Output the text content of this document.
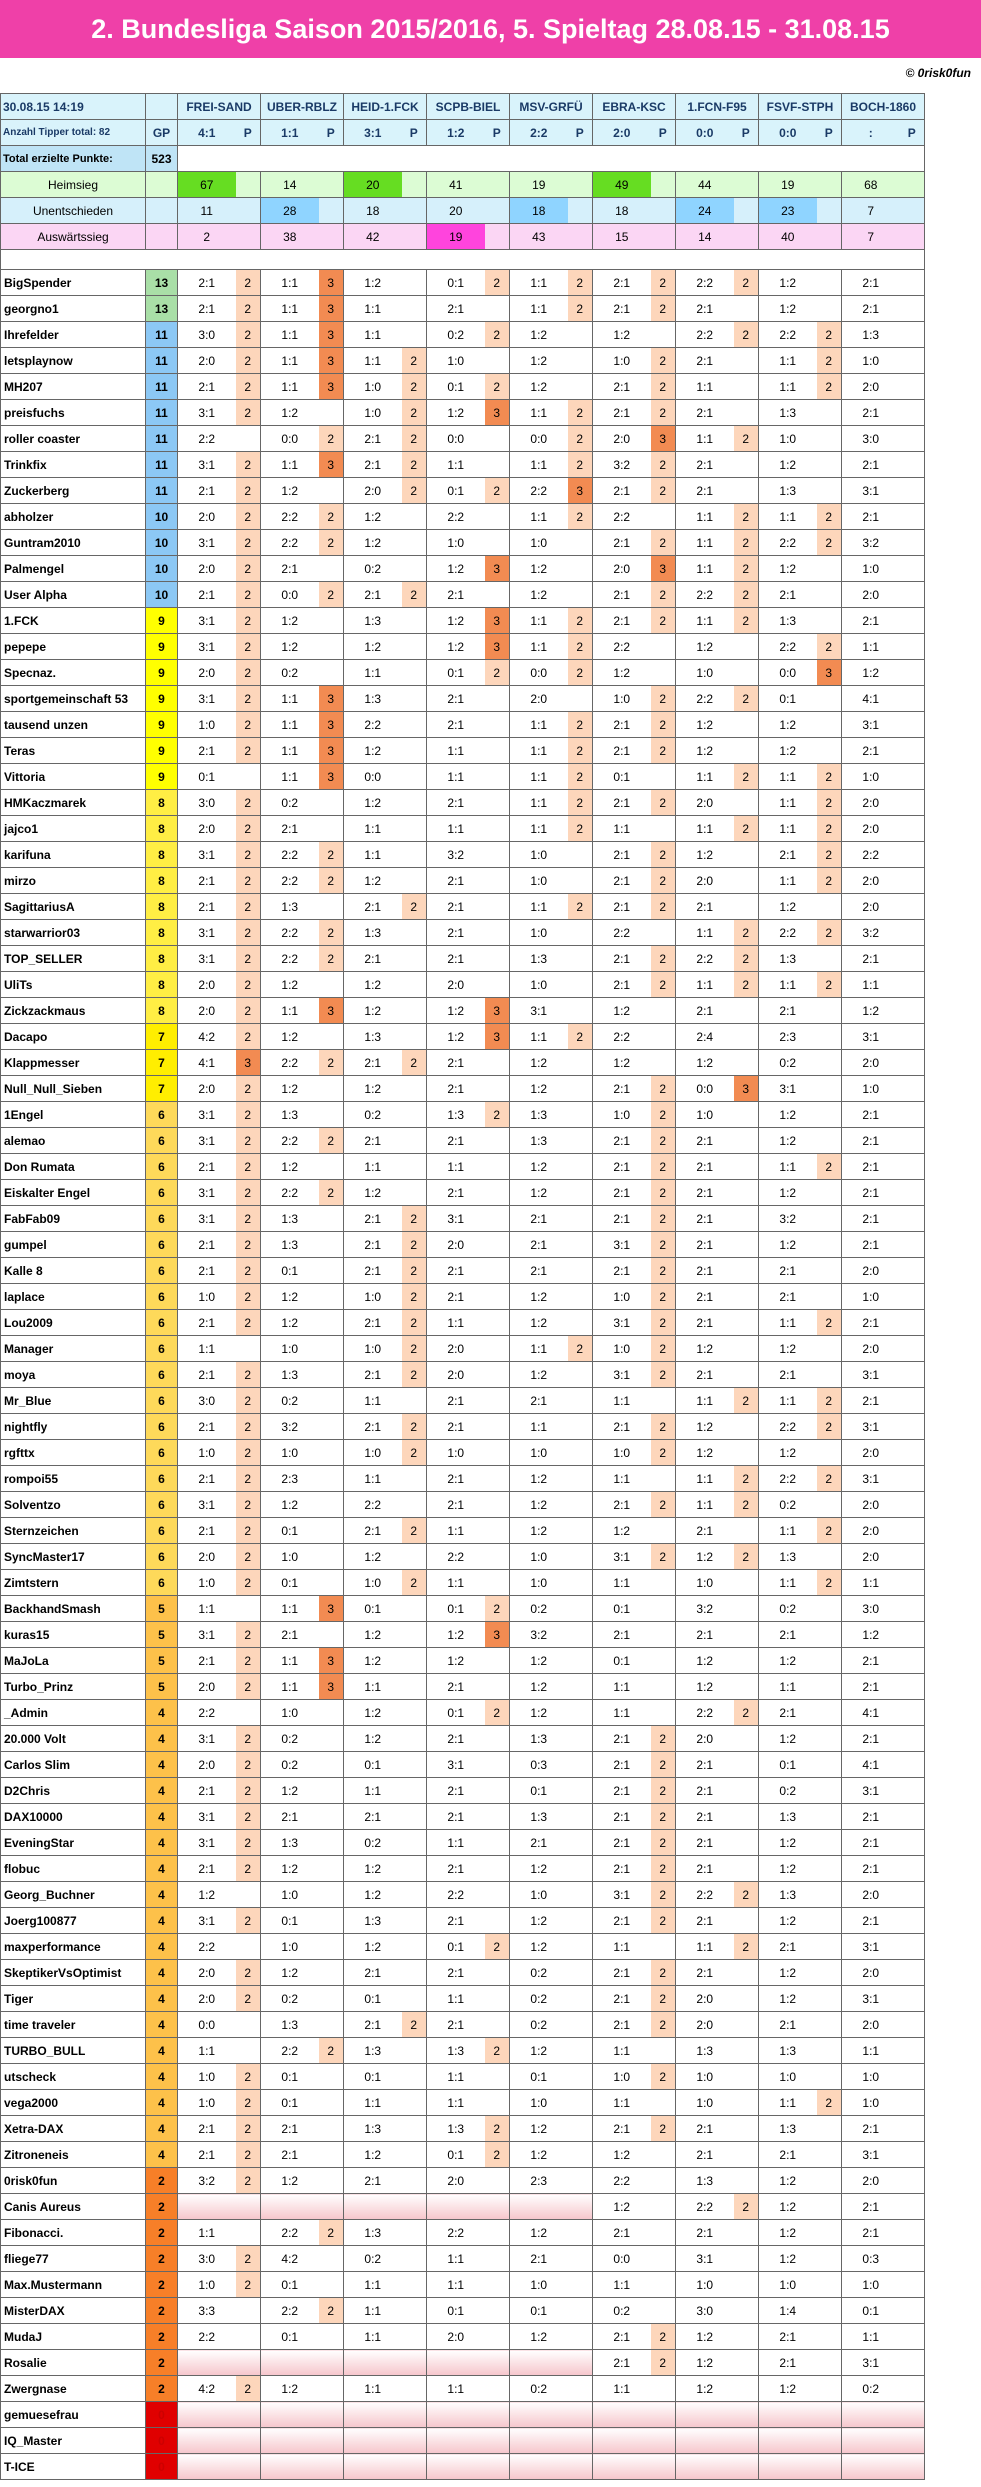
2. Bundesliga Saison 2015/2016, 5. Spieltag 28.08.15 - 31.08.15
© 0risk0fun
30.08.15 14:19		FREI-SAND		UBER-RBLZ		HEID-1.FCK		SCPB-BIEL		MSV-GRFÜ		EBRA-KSC		1.FCN-F95		FSVF-STPH		BOCH-1860	
Anzahl Tipper total: 82	GP	4:1	P	1:1	P	3:1	P	1:2	P	2:2	P	2:0	P	0:0	P	0:0	P	:	P
Total erzielte Punkte:	523																		
Heimsieg		67		14		20		41		19		49		44		19		68	
Unentschieden		11		28		18		20		18		18		24		23		7	
Auswärtssieg		2		38		42		19		43		15		14		40		7	

BigSpender	13	2:1	2	1:1	3	1:2		0:1	2	1:1	2	2:1	2	2:2	2	1:2		2:1	
georgno1	13	2:1	2	1:1	3	1:1		2:1		1:1	2	2:1	2	2:1		1:2		2:1	
Ihrefelder	11	3:0	2	1:1	3	1:1		0:2	2	1:2		1:2		2:2	2	2:2	2	1:3	
letsplaynow	11	2:0	2	1:1	3	1:1	2	1:0		1:2		1:0	2	2:1		1:1	2	1:0	
MH207	11	2:1	2	1:1	3	1:0	2	0:1	2	1:2		2:1	2	1:1		1:1	2	2:0	
preisfuchs	11	3:1	2	1:2		1:0	2	1:2	3	1:1	2	2:1	2	2:1		1:3		2:1	
roller coaster	11	2:2		0:0	2	2:1	2	0:0		0:0	2	2:0	3	1:1	2	1:0		3:0	
Trinkfix	11	3:1	2	1:1	3	2:1	2	1:1		1:1	2	3:2	2	2:1		1:2		2:1	
Zuckerberg	11	2:1	2	1:2		2:0	2	0:1	2	2:2	3	2:1	2	2:1		1:3		3:1	
abholzer	10	2:0	2	2:2	2	1:2		2:2		1:1	2	2:2		1:1	2	1:1	2	2:1	
Guntram2010	10	3:1	2	2:2	2	1:2		1:0		1:0		2:1	2	1:1	2	2:2	2	3:2	
Palmengel	10	2:0	2	2:1		0:2		1:2	3	1:2		2:0	3	1:1	2	1:2		1:0	
User Alpha	10	2:1	2	0:0	2	2:1	2	2:1		1:2		2:1	2	2:2	2	2:1		2:0	
1.FCK	9	3:1	2	1:2		1:3		1:2	3	1:1	2	2:1	2	1:1	2	1:3		2:1	
pepepe	9	3:1	2	1:2		1:2		1:2	3	1:1	2	2:2		1:2		2:2	2	1:1	
Specnaz.	9	2:0	2	0:2		1:1		0:1	2	0:0	2	1:2		1:0		0:0	3	1:2	
sportgemeinschaft 53	9	3:1	2	1:1	3	1:3		2:1		2:0		1:0	2	2:2	2	0:1		4:1	
tausend unzen	9	1:0	2	1:1	3	2:2		2:1		1:1	2	2:1	2	1:2		1:2		3:1	
Teras	9	2:1	2	1:1	3	1:2		1:1		1:1	2	2:1	2	1:2		1:2		2:1	
Vittoria	9	0:1		1:1	3	0:0		1:1		1:1	2	0:1		1:1	2	1:1	2	1:0	
HMKaczmarek	8	3:0	2	0:2		1:2		2:1		1:1	2	2:1	2	2:0		1:1	2	2:0	
jajco1	8	2:0	2	2:1		1:1		1:1		1:1	2	1:1		1:1	2	1:1	2	2:0	
karifuna	8	3:1	2	2:2	2	1:1		3:2		1:0		2:1	2	1:2		2:1	2	2:2	
mirzo	8	2:1	2	2:2	2	1:2		2:1		1:0		2:1	2	2:0		1:1	2	2:0	
SagittariusA	8	2:1	2	1:3		2:1	2	2:1		1:1	2	2:1	2	2:1		1:2		2:0	
starwarrior03	8	3:1	2	2:2	2	1:3		2:1		1:0		2:2		1:1	2	2:2	2	3:2	
TOP_SELLER	8	3:1	2	2:2	2	2:1		2:1		1:3		2:1	2	2:2	2	1:3		2:1	
UliTs	8	2:0	2	1:2		1:2		2:0		1:0		2:1	2	1:1	2	1:1	2	1:1	
Zickzackmaus	8	2:0	2	1:1	3	1:2		1:2	3	3:1		1:2		2:1		2:1		1:2	
Dacapo	7	4:2	2	1:2		1:3		1:2	3	1:1	2	2:2		2:4		2:3		3:1	
Klappmesser	7	4:1	3	2:2	2	2:1	2	2:1		1:2		1:2		1:2		0:2		2:0	
Null_Null_Sieben	7	2:0	2	1:2		1:2		2:1		1:2		2:1	2	0:0	3	3:1		1:0	
1Engel	6	3:1	2	1:3		0:2		1:3	2	1:3		1:0	2	1:0		1:2		2:1	
alemao	6	3:1	2	2:2	2	2:1		2:1		1:3		2:1	2	2:1		1:2		2:1	
Don Rumata	6	2:1	2	1:2		1:1		1:1		1:2		2:1	2	2:1		1:1	2	2:1	
Eiskalter Engel	6	3:1	2	2:2	2	1:2		2:1		1:2		2:1	2	2:1		1:2		2:1	
FabFab09	6	3:1	2	1:3		2:1	2	3:1		2:1		2:1	2	2:1		3:2		2:1	
gumpel	6	2:1	2	1:3		2:1	2	2:0		2:1		3:1	2	2:1		1:2		2:1	
Kalle 8	6	2:1	2	0:1		2:1	2	2:1		2:1		2:1	2	2:1		2:1		2:0	
laplace	6	1:0	2	1:2		1:0	2	2:1		1:2		1:0	2	2:1		2:1		1:0	
Lou2009	6	2:1	2	1:2		2:1	2	1:1		1:2		3:1	2	2:1		1:1	2	2:1	
Manager	6	1:1		1:0		1:0	2	2:0		1:1	2	1:0	2	1:2		1:2		2:0	
moya	6	2:1	2	1:3		2:1	2	2:0		1:2		3:1	2	2:1		2:1		3:1	
Mr_Blue	6	3:0	2	0:2		1:1		2:1		2:1		1:1		1:1	2	1:1	2	2:1	
nightfly	6	2:1	2	3:2		2:1	2	2:1		1:1		2:1	2	1:2		2:2	2	3:1	
rgfttx	6	1:0	2	1:0		1:0	2	1:0		1:0		1:0	2	1:2		1:2		2:0	
rompoi55	6	2:1	2	2:3		1:1		2:1		1:2		1:1		1:1	2	2:2	2	3:1	
Solventzo	6	3:1	2	1:2		2:2		2:1		1:2		2:1	2	1:1	2	0:2		2:0	
Sternzeichen	6	2:1	2	0:1		2:1	2	1:1		1:2		1:2		2:1		1:1	2	2:0	
SyncMaster17	6	2:0	2	1:0		1:2		2:2		1:0		3:1	2	1:2	2	1:3		2:0	
Zimtstern	6	1:0	2	0:1		1:0	2	1:1		1:0		1:1		1:0		1:1	2	1:1	
BackhandSmash	5	1:1		1:1	3	0:1		0:1	2	0:2		0:1		3:2		0:2		3:0	
kuras15	5	3:1	2	2:1		1:2		1:2	3	3:2		2:1		2:1		2:1		1:2	
MaJoLa	5	2:1	2	1:1	3	1:2		1:2		1:2		0:1		1:2		1:2		2:1	
Turbo_Prinz	5	2:0	2	1:1	3	1:1		2:1		1:2		1:1		1:2		1:1		2:1	
_Admin	4	2:2		1:0		1:2		0:1	2	1:2		1:1		2:2	2	2:1		4:1	
20.000 Volt	4	3:1	2	0:2		1:2		2:1		1:3		2:1	2	2:0		1:2		2:1	
Carlos Slim	4	2:0	2	0:2		0:1		3:1		0:3		2:1	2	2:1		0:1		4:1	
D2Chris	4	2:1	2	1:2		1:1		2:1		0:1		2:1	2	2:1		0:2		3:1	
DAX10000	4	3:1	2	2:1		2:1		2:1		1:3		2:1	2	2:1		1:3		2:1	
EveningStar	4	3:1	2	1:3		0:2		1:1		2:1		2:1	2	2:1		1:2		2:1	
flobuc	4	2:1	2	1:2		1:2		2:1		1:2		2:1	2	2:1		1:2		2:1	
Georg_Buchner	4	1:2		1:0		1:2		2:2		1:0		3:1	2	2:2	2	1:3		2:0	
Joerg100877	4	3:1	2	0:1		1:3		2:1		1:2		2:1	2	2:1		1:2		2:1	
maxperformance	4	2:2		1:0		1:2		0:1	2	1:2		1:1		1:1	2	2:1		3:1	
SkeptikerVsOptimist	4	2:0	2	1:2		2:1		2:1		0:2		2:1	2	2:1		1:2		2:0	
Tiger	4	2:0	2	0:2		0:1		1:1		0:2		2:1	2	2:0		1:2		3:1	
time traveler	4	0:0		1:3		2:1	2	2:1		0:2		2:1	2	2:0		2:1		2:0	
TURBO_BULL	4	1:1		2:2	2	1:3		1:3	2	1:2		1:1		1:3		1:3		1:1	
utscheck	4	1:0	2	0:1		0:1		1:1		0:1		1:0	2	1:0		1:0		1:0	
vega2000	4	1:0	2	0:1		1:1		1:1		1:0		1:1		1:0		1:1	2	1:0	
Xetra-DAX	4	2:1	2	2:1		1:3		1:3	2	1:2		2:1	2	2:1		1:3		2:1	
Zitroneneis	4	2:1	2	2:1		1:2		0:1	2	1:2		1:2		2:1		2:1		3:1	
0risk0fun	2	3:2	2	1:2		2:1		2:0		2:3		2:2		1:3		1:2		2:0	
Canis Aureus	2											1:2		2:2	2	1:2		2:1	
Fibonacci.	2	1:1		2:2	2	1:3		2:2		1:2		2:1		2:1		1:2		2:1	
fliege77	2	3:0	2	4:2		0:2		1:1		2:1		0:0		3:1		1:2		0:3	
Max.Mustermann	2	1:0	2	0:1		1:1		1:1		1:0		1:1		1:0		1:0		1:0	
MisterDAX	2	3:3		2:2	2	1:1		0:1		0:1		0:2		3:0		1:4		0:1	
MudaJ	2	2:2		0:1		1:1		2:0		1:2		2:1	2	1:2		2:1		1:1	
Rosalie	2											2:1	2	1:2		2:1		3:1	
Zwergnase	2	4:2	2	1:2		1:1		1:1		0:2		1:1		1:2		1:2		0:2	
gemuesefrau	0																		
IQ_Master	0																		
T-ICE	0																		
